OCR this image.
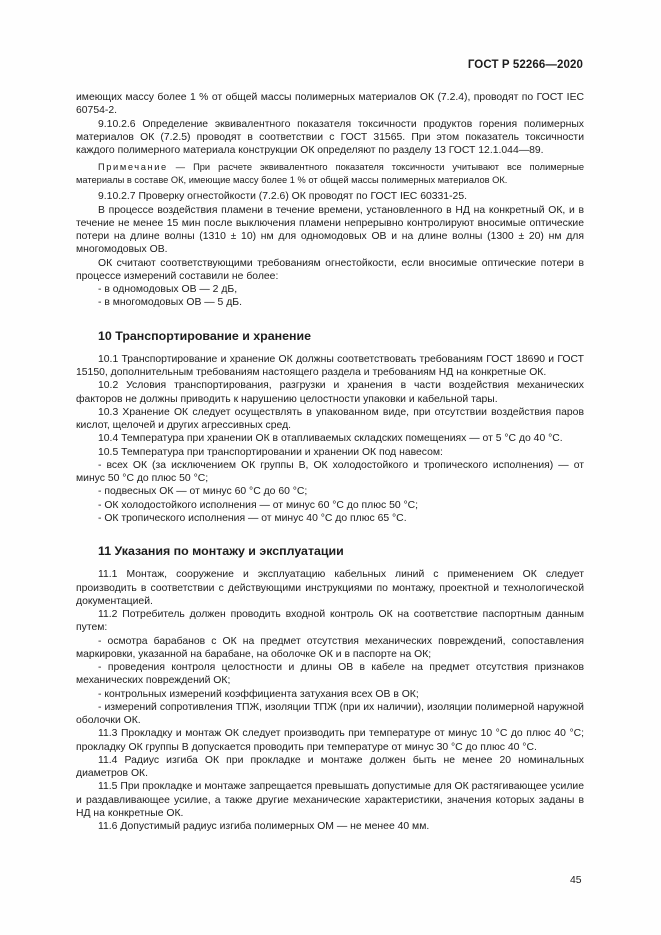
ГОСТ Р 52266—2020

имеющих массу более 1 % от общей массы полимерных материалов ОК (7.2.4), проводят по ГОСТ IEC 60754-2.

9.10.2.6 Определение эквивалентного показателя токсичности продуктов горения полимерных материалов ОК (7.2.5) проводят в соответствии с ГОСТ 31565. При этом показатель токсичности каждого полимерного материала конструкции ОК определяют по разделу 13 ГОСТ 12.1.044—89.

Примечание — При расчете эквивалентного показателя токсичности учитывают все полимерные материалы в составе ОК, имеющие массу более 1 % от общей массы полимерных материалов ОК.

9.10.2.7 Проверку огнестойкости (7.2.6) ОК проводят по ГОСТ IEC 60331-25.

В процессе воздействия пламени в течение времени, установленного в НД на конкретный ОК, и в течение не менее 15 мин после выключения пламени непрерывно контролируют вносимые оптические потери на длине волны (1310 ± 10) нм для одномодовых ОВ и на длине волны (1300 ± 20) нм для многомодовых ОВ.

ОК считают соответствующими требованиям огнестойкости, если вносимые оптические потери в процессе измерений составили не более:

- в одномодовых ОВ — 2 дБ,

- в многомодовых ОВ — 5 дБ.

10 Транспортирование и хранение

10.1 Транспортирование и хранение ОК должны соответствовать требованиям ГОСТ 18690 и ГОСТ 15150, дополнительным требованиям настоящего раздела и требованиям НД на конкретные ОК.

10.2 Условия транспортирования, разгрузки и хранения в части воздействия механических факторов не должны приводить к нарушению целостности упаковки и кабельной тары.

10.3 Хранение ОК следует осуществлять в упакованном виде, при отсутствии воздействия паров кислот, щелочей и других агрессивных сред.

10.4 Температура при хранении ОК в отапливаемых складских помещениях — от 5 °С до 40 °С.

10.5 Температура при транспортировании и хранении ОК под навесом:

- всех ОК (за исключением ОК группы В, ОК холодостойкого и тропического исполнения) — от минус 50 °С до плюс 50 °С;

- подвесных ОК — от минус 60 °С до 60 °С;

- ОК холодостойкого исполнения — от минус 60 °С до плюс 50 °С;

- ОК тропического исполнения — от минус 40 °С до плюс 65 °С.

11 Указания по монтажу и эксплуатации

11.1 Монтаж, сооружение и эксплуатацию кабельных линий с применением ОК следует производить в соответствии с действующими инструкциями по монтажу, проектной и технологической документацией.

11.2 Потребитель должен проводить входной контроль ОК на соответствие паспортным данным путем:

- осмотра барабанов с ОК на предмет отсутствия механических повреждений, сопоставления маркировки, указанной на барабане, на оболочке ОК и в паспорте на ОК;

- проведения контроля целостности и длины ОВ в кабеле на предмет отсутствия признаков механических повреждений ОК;

- контрольных измерений коэффициента затухания всех ОВ в ОК;

- измерений сопротивления ТПЖ, изоляции ТПЖ (при их наличии), изоляции полимерной наружной оболочки ОК.

11.3 Прокладку и монтаж ОК следует производить при температуре от минус 10 °С до плюс 40 °С; прокладку ОК группы В допускается проводить при температуре от минус 30 °С до плюс 40 °С.

11.4 Радиус изгиба ОК при прокладке и монтаже должен быть не менее 20 номинальных диаметров ОК.

11.5 При прокладке и монтаже запрещается превышать допустимые для ОК растягивающее усилие и раздавливающее усилие, а также другие механические характеристики, значения которых заданы в НД на конкретные ОК.

11.6 Допустимый радиус изгиба полимерных ОМ — не менее 40 мм.

45
